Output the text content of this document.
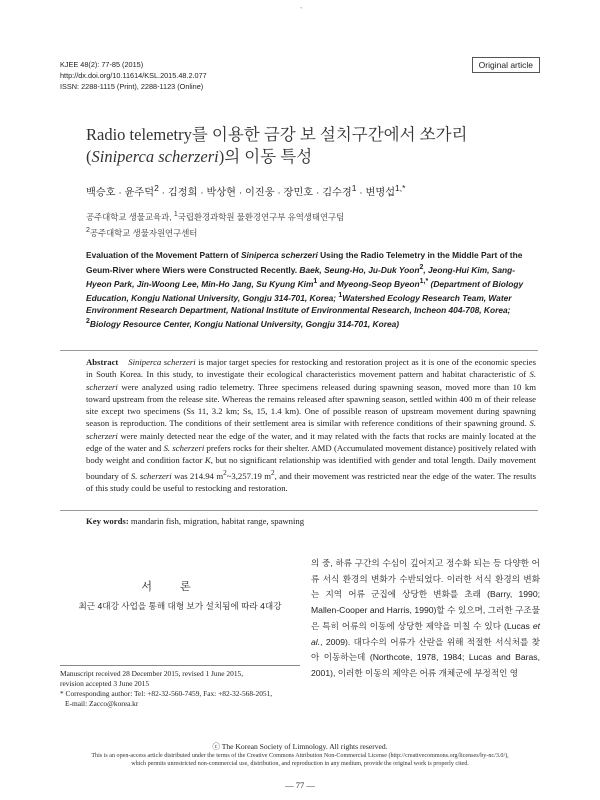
`
KJEE 48(2): 77-85 (2015)
http://dx.doi.org/10.11614/KSL.2015.48.2.077
ISSN: 2288-1115 (Print), 2288-1123 (Online)
Original article
Radio telemetry를 이용한 금강 보 설치구간에서 쏘가리
(Siniperca scherzeri)의 이동 특성
백승호 · 윤주덕$^2$ · 김정희 · 박상현 · 이진웅 · 장민호 · 김수경$^1$ · 변명섭$^{1,*}$
공주대학교 생물교육과, $^1$국립환경과학원 물환경연구부 유역생태연구팀
$^2$공주대학교 생물자원연구센터
Evaluation of the Movement Pattern of Siniperca scherzeri Using the Radio Telemetry in the Middle Part of the Geum-River where Wiers were Constructed Recently. Baek, Seung-Ho, Ju-Duk Yoon$^2$, Jeong-Hui Kim, Sang-Hyeon Park, Jin-Woong Lee, Min-Ho Jang, Su Kyung Kim$^1$ and Myeong-Seop Byeon$^{1,*}$ (Department of Biology Education, Kongju National University, Gongju 314-701, Korea; $^1$Watershed Ecology Research Team, Water Environment Research Department, National Institute of Environmental Research, Incheon 404-708, Korea; $^2$Biology Resource Center, Kongju National University, Gongju 314-701, Korea)
Abstract Siniperca scherzeri is major target species for restocking and restoration project as it is one of the economic species in South Korea. In this study, to investigate their ecological characteristics movement pattern and habitat characteristic of S. scherzeri were analyzed using radio telemetry. Three specimens released during spawning season, moved more than 10 km toward upstream from the release site. Whereas the remains released after spawning season, settled within 400 m of their release site except two specimens (Ss 11, 3.2 km; Ss, 15, 1.4 km). One of possible reason of upstream movement during spawning season is reproduction. The conditions of their settlement area is similar with reference conditions of their spawning ground. S. scherzeri were mainly detected near the edge of the water, and it may related with the facts that rocks are mainly located at the edge of the water and S. scherzeri prefers rocks for their shelter. AMD (Accumulated movement distance) positively related with body weight and condition factor K, but no significant relationship was identified with gender and total length. Daily movement boundary of S. scherzeri was 214.94 $m^2\sim 3,257.19$ $m^2$, and their movement was restricted near the edge of the water. The results of this study could be useful to restocking and restoration.
Key words: mandarin fish, migration, habitat range, spawning
서론
최근 4대강 사업을 통해 대형 보가 설치됨에 따라 4대강
Manuscript received 28 December 2015, revised 1 June 2015,
revision accepted 3 June 2015
* Corresponding author: Tel: +82-32-560-7459, Fax: +82-32-568-2051,
E-mail: Zacco@korea.kr
의 중, 하류 구간의 수심이 깊어지고 정수화 되는 등 다양한 어류 서식 환경의 변화가 수반되었다. 이러한 서식 환경의 변화는 지역 어류 군집에 상당한 변화를 초래 (Barry, 1990; Mallen-Cooper and Harris, 1990)할 수 있으며, 그러한 구조물은 특히 어류의 이동에 상당한 제약을 미칠 수 있다 (Lucas et al., 2009). 대다수의 어류가 산란을 위해 적절한 서식처를 찾아 이동하는데 (Northcote, 1978, 1984; Lucas and Baras, 2001), 이러한 이동의 제약은 어류 개체군에 부정적인 영
ⓒ The Korean Society of Limnology. All rights reserved.
This is an open-access article distributed under the terms of the Creative Commons Attribution Non-Commercial License (http://creativecommons.org/licenses/by-nc/3.0/),
which permits unrestricted non-commercial use, distribution, and reproduction in any medium, provide the original work is properly cited.
― 77 ―
